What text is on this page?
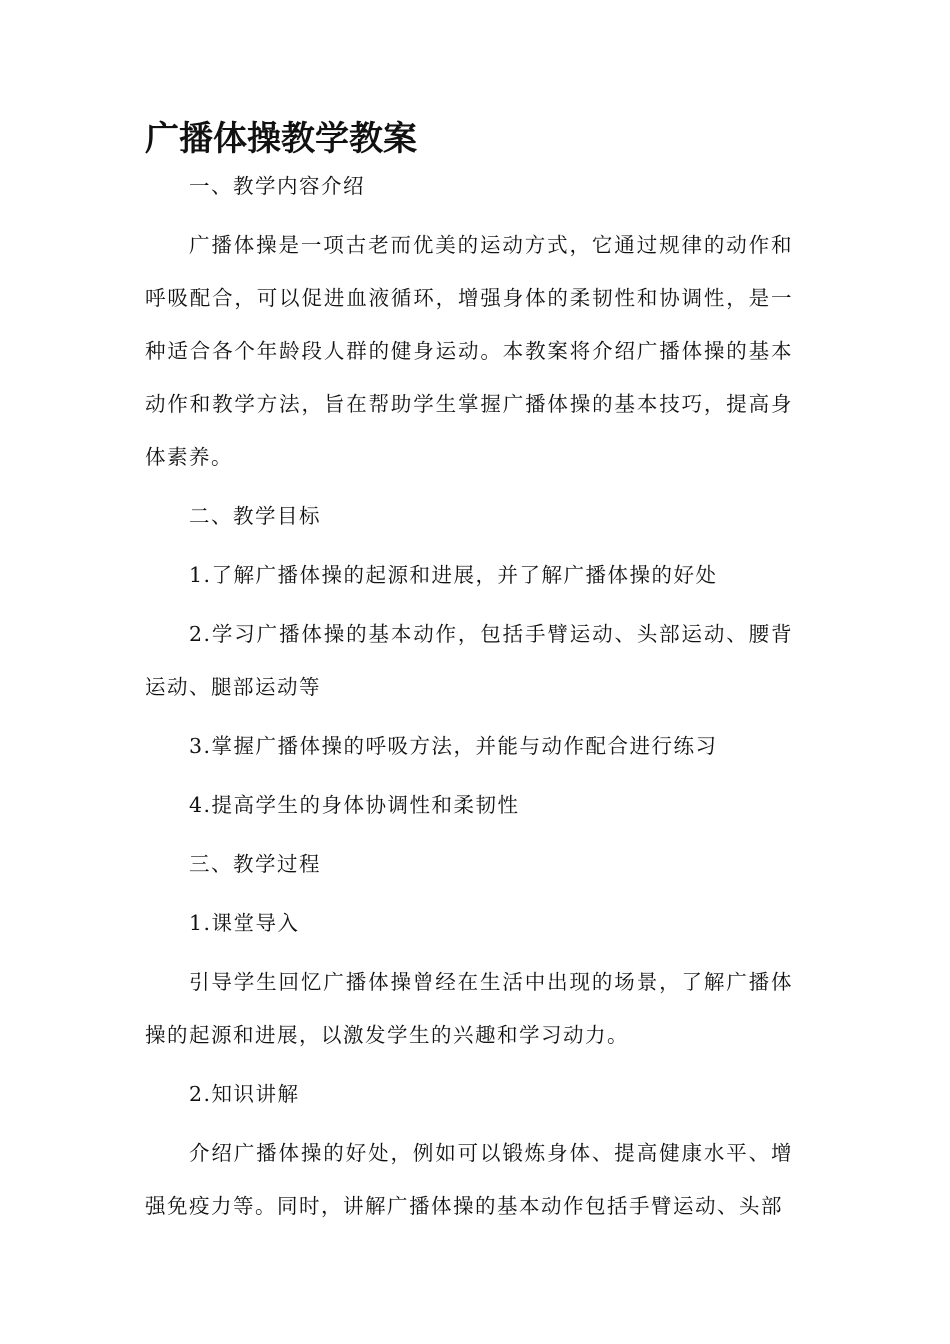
广播体操教学教案

一、教学内容介绍

广播体操是一项古老而优美的运动方式，它通过规律的动作和呼吸配合，可以促进血液循环，增强身体的柔韧性和协调性，是一种适合各个年龄段人群的健身运动。本教案将介绍广播体操的基本动作和教学方法，旨在帮助学生掌握广播体操的基本技巧，提高身体素养。

二、教学目标

1.了解广播体操的起源和进展，并了解广播体操的好处

2.学习广播体操的基本动作，包括手臂运动、头部运动、腰背运动、腿部运动等

3.掌握广播体操的呼吸方法，并能与动作配合进行练习

4.提高学生的身体协调性和柔韧性

三、教学过程

1.课堂导入

引导学生回忆广播体操曾经在生活中出现的场景，了解广播体操的起源和进展，以激发学生的兴趣和学习动力。

2.知识讲解

介绍广播体操的好处，例如可以锻炼身体、提高健康水平、增强免疫力等。同时，讲解广播体操的基本动作包括手臂运动、头部
